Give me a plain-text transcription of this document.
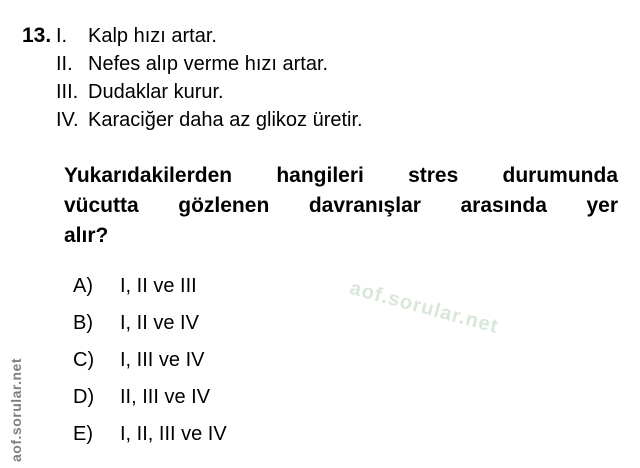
13. I.	Kalp hızı artar.
II. Nefes alıp verme hızı artar.
III. Dudaklar kurur.
IV. Karaciğer daha az glikoz üretir.
Yukarıdakilerden hangileri stres durumunda
vücutta gözlenen davranışlar arasında yer
alır?
A)	I, II ve III
B)	I, II ve IV
C)	I, III ve IV
D)	II, III ve IV
E)	I, II, III ve IV
aof.sorular.net
aof.sorular.net
